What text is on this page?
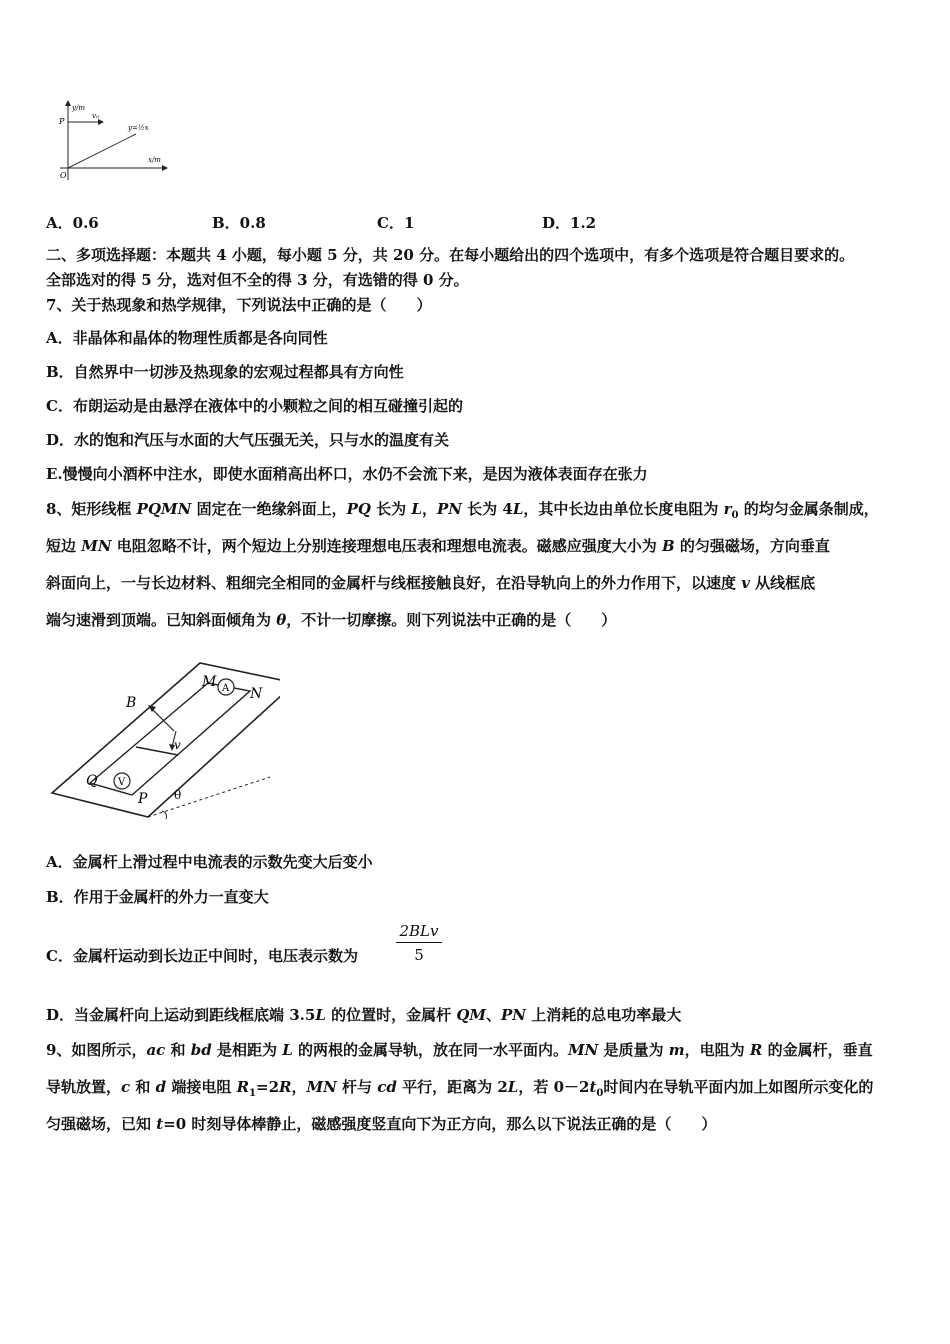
y/m
x/m
P
O
v₀
y=½x
A．0.6	B．0.8	C．1	D．1.2
二、多项选择题：本题共 4 小题，每小题 5 分，共 20 分。在每小题给出的四个选项中，有多个选项是符合题目要求的。
全部选对的得 5 分，选对但不全的得 3 分，有选错的得 0 分。
7、关于热现象和热学规律，下列说法中正确的是（　　）
A．非晶体和晶体的物理性质都是各向同性
B．自然界中一切涉及热现象的宏观过程都具有方向性
C．布朗运动是由悬浮在液体中的小颗粒之间的相互碰撞引起的
D．水的饱和汽压与水面的大气压强无关，只与水的温度有关
E.慢慢向小酒杯中注水，即使水面稍高出杯口，水仍不会流下来，是因为液体表面存在张力
8、矩形线框 PQMN 固定在一绝缘斜面上，PQ 长为 L，PN 长为 4L，其中长边由单位长度电阻为 $r_0$ 的均匀金属条制成，
短边 MN 电阻忽略不计，两个短边上分别连接理想电压表和理想电流表。磁感应强度大小为 B 的匀强磁场，方向垂直
斜面向上，一与长边材料、粗细完全相同的金属杆与线框接触良好，在沿导轨向上的外力作用下，以速度 v 从线框底
端匀速滑到顶端。已知斜面倾角为 θ，不计一切摩擦。则下列说法中正确的是（　　）
A
V
M
N
B
v
Q
P θ
A．金属杆上滑过程中电流表的示数先变大后变小
B．作用于金属杆的外力一直变大
C．金属杆运动到长边正中间时，电压表示数为
2BLv
5
D．当金属杆向上运动到距线框底端 3.5L 的位置时，金属杆 QM、PN 上消耗的总电功率最大
9、如图所示，ac 和 bd 是相距为 L 的两根的金属导轨，放在同一水平面内。MN 是质量为 m，电阻为 R 的金属杆，垂直
导轨放置，c 和 d 端接电阻 $R_1=2R$，MN 杆与 cd 平行，距离为 2L，若 $0-2t_0$时间内在导轨平面内加上如图所示变化的
匀强磁场，已知 t=0 时刻导体棒静止，磁感强度竖直向下为正方向，那么以下说法正确的是（　　）
